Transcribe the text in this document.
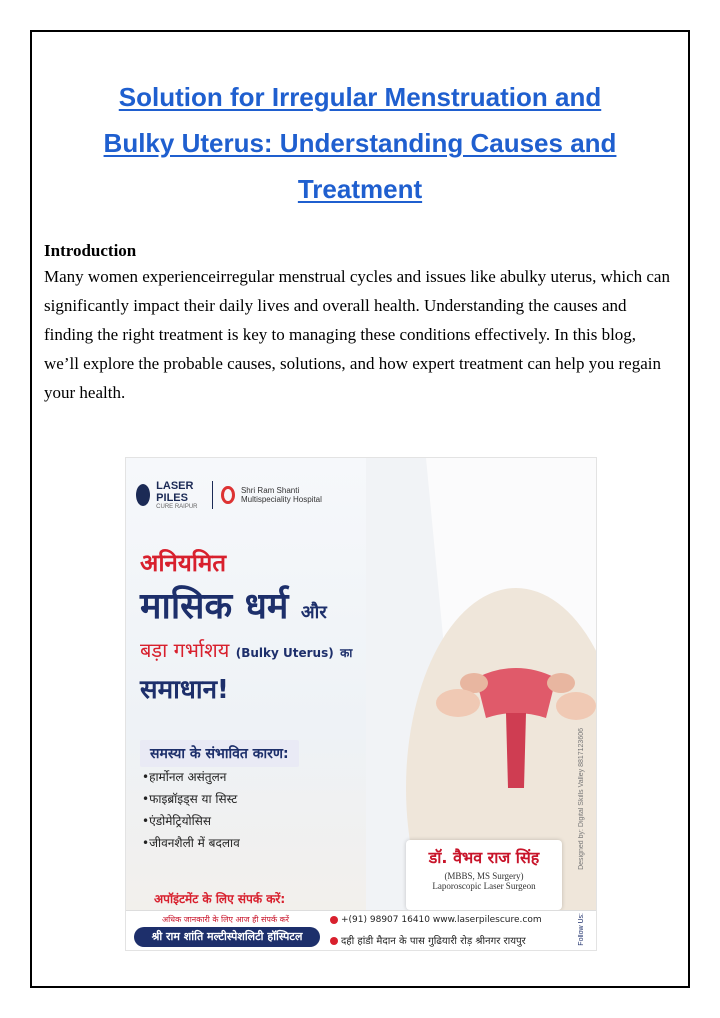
Solution for Irregular Menstruation and
Bulky Uterus: Understanding Causes and
Treatment
Introduction
Many women experienceirregular menstrual cycles and issues like abulky uterus, which can significantly impact their daily lives and overall health. Understanding the causes and finding the right treatment is key to managing these conditions effectively. In this blog, we’ll explore the probable causes, solutions, and how expert treatment can help you regain your health.
LASER PILES
CURE RAIPUR
Shri Ram Shanti Multispeciality Hospital
अनियमित
मासिक धर्म और
बड़ा गर्भाशय (Bulky Uterus) का
समाधान!
समस्या के संभावित कारण:
• हार्मोनल असंतुलन
• फाइब्रॉइड्स या सिस्ट
• एंडोमेट्रियोसिस
• जीवनशैली में बदलाव
डॉ. वैभव राज सिंह
(MBBS, MS Surgery)
Laporoscopic Laser Surgeon
अपॉइंटमेंट के लिए संपर्क करें:
Designed by: Digital Skills Valley 8817123606
अधिक जानकारी के लिए आज ही संपर्क करें
श्री राम शांति मल्टीस्पेशलिटी हॉस्पिटल
+(91) 98907 16410 www.laserpilescure.com
दही हांडी मैदान के पास गुढियारी रोड़ श्रीनगर रायपुर	Follow Us:
